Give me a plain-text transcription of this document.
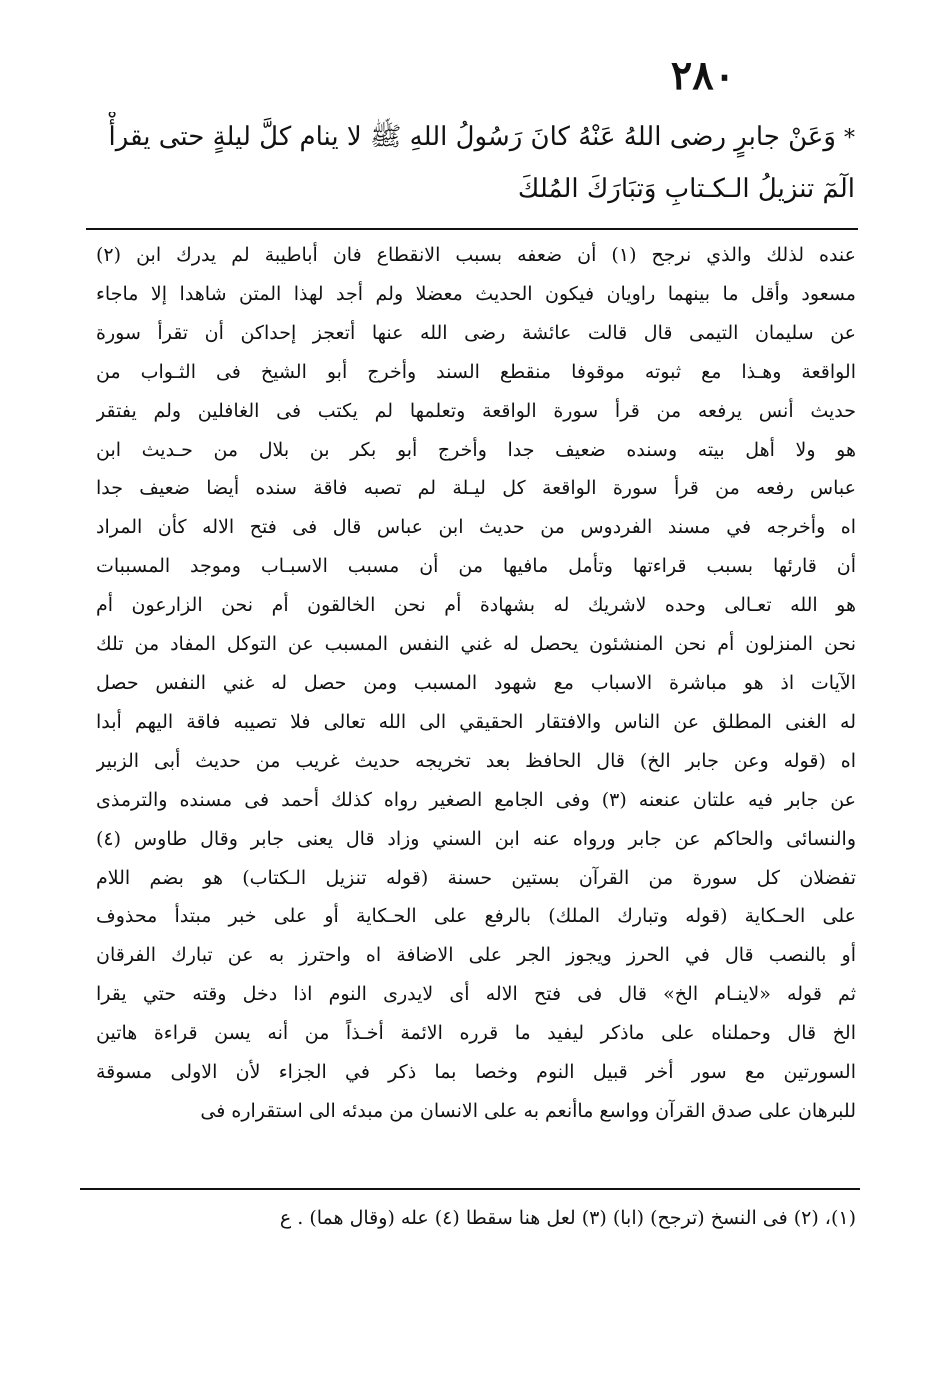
٢٨٠
*وَعَنْ جابرٍ رضى اللهُ عَنْهُ كانَ رَسُولُ اللهِ ﷺ لا ينام كلَّ ليلةٍ حتى يقرأْ
الٓمٓ تنزيلُ الـكـتابِ وَتبَارَكَ المُلكَ
عنده لذلك والذي نرجح (١) أن ضعفه بسبب الانقطاع فان أباطيبة لم يدرك ابن (٢)
مسعود وأقل ما بينهما راويان فيكون الحديث معضلا ولم أجد لهذا المتن شاهدا إلا ماجاء
عن سليمان التيمى قال قالت عائشة رضى الله عنها أتعجز إحداكن أن تقرأ سورة
الواقعة وهـذا مع ثبوته موقوفا منقطع السند وأخرج أبو الشيخ فى الثـواب من
حديث أنس يرفعه من قرأ سورة الواقعة وتعلمها لم يكتب فى الغافلين ولم يفتقر
هو ولا أهل بيته وسنده ضعيف جدا وأخرج أبو بكر بن بلال من حـديث ابن
عباس رفعه من قرأ سورة الواقعة كل ليـلة لم تصبه فاقة سنده أيضا ضعيف جدا
اه وأخرجه في مسند الفردوس من حديث ابن عباس قال فى فتح الاله كأن المراد
أن قارئها بسبب قراءتها وتأمل مافيها من أن مسبب الاسبـاب وموجد المسببات
هو الله تعـالى وحده لاشريك له بشهادة أم نحن الخالقون أم نحن الزارعون أم
نحن المنزلون أم نحن المنشئون يحصل له غني النفس المسبب عن التوكل المفاد من تلك
الآيات اذ هو مباشرة الاسباب مع شهود المسبب ومن حصل له غني النفس حصل
له الغنى المطلق عن الناس والافتقار الحقيقي الى الله تعالى فلا تصيبه فاقة اليهم أبدا
اه (قوله وعن جابر الخ) قال الحافظ بعد تخريجه حديث غريب من حديث أبى الزبير
عن جابر فيه علتان عنعنه (٣) وفى الجامع الصغير رواه كذلك أحمد فى مسنده والترمذى
والنسائى والحاكم عن جابر ورواه عنه ابن السني وزاد قال يعنى جابر وقال طاوس (٤)
تفضلان كل سورة من القرآن بستين حسنة (قوله تنزيل الـكتاب) هو بضم اللام
على الحـكاية (قوله وتبارك الملك) بالرفع على الحـكاية أو على خبر مبتدأ محذوف
أو بالنصب قال في الحرز ويجوز الجر على الاضافة اه واحترز به عن تبارك الفرقان
ثم قوله «لاينـام الخ» قال فى فتح الاله أى لايدرى النوم اذا دخل وقته حتي يقرا
الخ قال وحملناه على ماذكر ليفيد ما قرره الائمة أخـذاً من أنه يسن قراءة هاتين
السورتين مع سور أخر قبيل النوم وخصا بما ذكر في الجزاء لأن الاولى مسوقة
للبرهان على صدق القرآن وواسع ماأنعم به على الانسان من مبدئه الى استقراره فى
(١)، (٢) فى النسخ (ترجح) (ابا) (٣) لعل هنا سقطا (٤) عله (وقال هما) . ع
